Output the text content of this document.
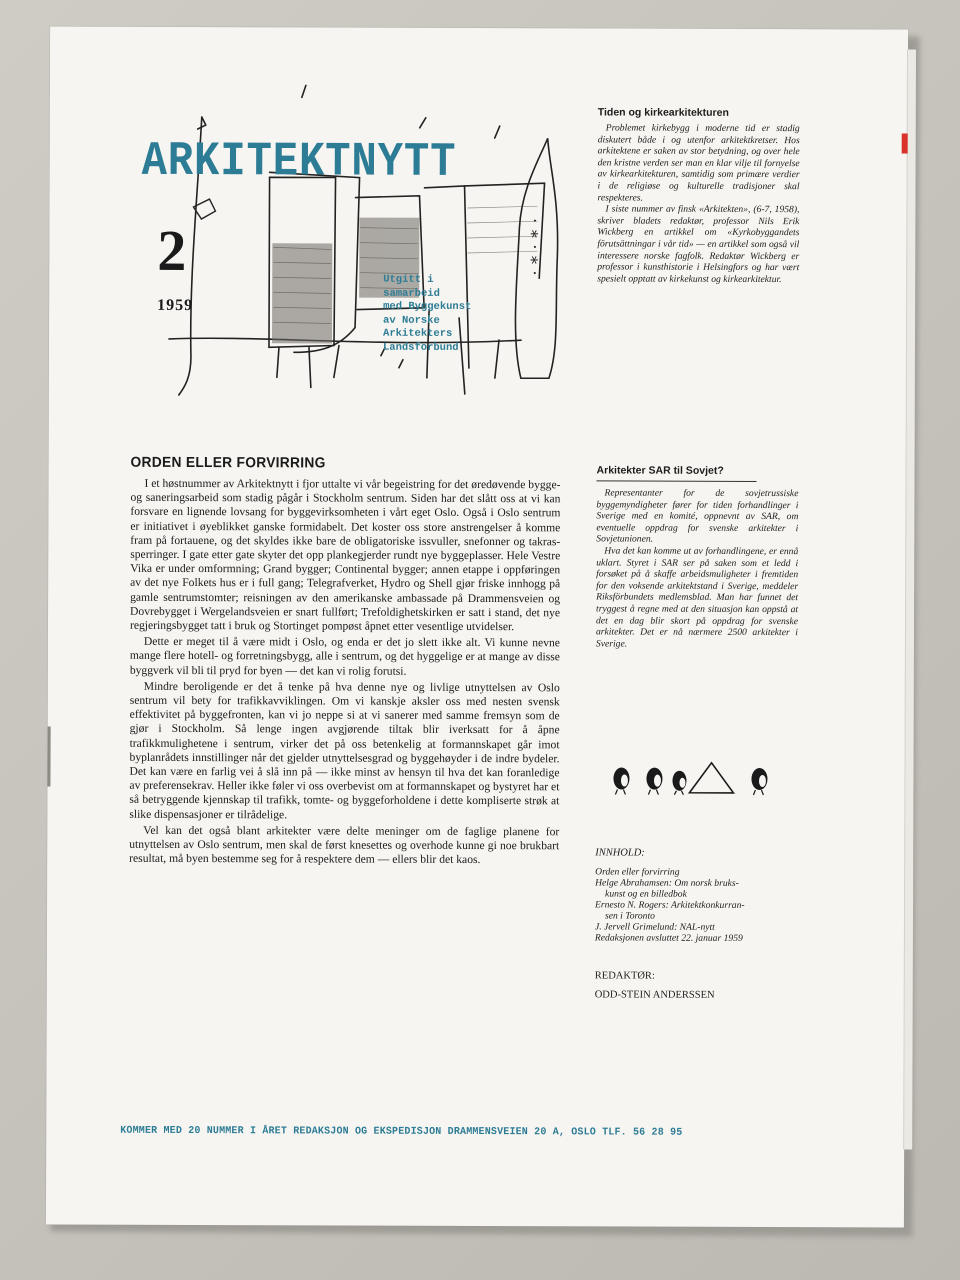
· ∗ · ∗ ·
ARKITEKTNYTT
2
1959
Utgitt i
samarbeid
med Byggekunst
av Norske
Arkitekters
Landsforbund
Tiden og kirkearkitekturen

Problemet kirkebygg i moderne tid er stadig diskutert både i og utenfor arkitektkretser. Hos arkitektene er saken av stor betydning, og over hele den kristne verden ser man en klar vilje til fornyelse av kirkearkitekturen, samtidig som primære verdier i de religiøse og kulturelle tradisjoner skal respekteres.

I siste nummer av finsk «Arkitekten», (6-7, 1958), skriver bladets redaktør, professor Nils Erik Wickberg en artikkel om «Kyrkobyggandets förutsättningar i vår tid» — en artikkel som også vil interessere norske fagfolk. Redaktør Wickberg er professor i kunsthistorie i Helsingfors og har vært spesielt opptatt av kirkekunst og kirkearkitektur.

Arkitekter SAR til Sovjet?

Representanter for de sovjetrussiske byggemyndigheter fører for tiden forhandlinger i Sverige med en komité, oppnevnt av SAR, om eventuelle oppdrag for svenske arkitekter i Sovjetunionen.

Hva det kan komme ut av forhandlingene, er ennå uklart. Styret i SAR ser på saken som et ledd i forsøket på å skaffe arbeidsmuligheter i fremtiden for den voksende arkitektstand i Sverige, meddeler Riksförbundets medlemsblad. Man har funnet det tryggest å regne med at den situasjon kan oppstå at det en dag blir skort på oppdrag for svenske arkitekter. Det er nå nærmere 2500 arkitekter i Sverige.

INNHOLD:
Orden eller forvirring
Helge Abrahamsen: Om norsk bruks-
kunst og en billedbok
Ernesto N. Rogers: Arkitektkonkurran-
sen i Toronto
J. Jervell Grimelund: NAL-nytt
Redaksjonen avsluttet 22. januar 1959
REDAKTØR:
ODD-STEIN ANDERSSEN
ORDEN ELLER FORVIRRING

I et høstnummer av Arkitektnytt i fjor uttalte vi vår begeistring for det øredøvende bygge- og saneringsarbeid som stadig pågår i Stockholm sentrum. Siden har det slått oss at vi kan forsvare en lignende lovsang for byggevirksomheten i vårt eget Oslo. Også i Oslo sentrum er initiativet i øyeblikket ganske formidabelt. Det koster oss store anstrengelser å komme fram på fortauene, og det skyldes ikke bare de obligatoriske issvuller, snefonner og takras-sperringer. I gate etter gate skyter det opp plankegjerder rundt nye byggeplasser. Hele Vestre Vika er under omformning; Grand bygger; Continental bygger; annen etappe i oppføringen av det nye Folkets hus er i full gang; Telegrafverket, Hydro og Shell gjør friske innhogg på gamle sentrumstomter; reisningen av den amerikanske ambassade på Drammensveien og Dovrebygget i Wergelandsveien er snart fullført; Trefoldighetskirken er satt i stand, det nye regjeringsbygget tatt i bruk og Stortinget pompøst åpnet etter vesentlige utvidelser.

Dette er meget til å være midt i Oslo, og enda er det jo slett ikke alt. Vi kunne nevne mange flere hotell- og forretningsbygg, alle i sentrum, og det hyggelige er at mange av disse byggverk vil bli til pryd for byen — det kan vi rolig forutsi.

Mindre beroligende er det å tenke på hva denne nye og livlige utnyttelsen av Oslo sentrum vil bety for trafikkavviklingen. Om vi kanskje aksler oss med nesten svensk effektivitet på byggefronten, kan vi jo neppe si at vi sanerer med samme fremsyn som de gjør i Stockholm. Så lenge ingen avgjørende tiltak blir iverksatt for å åpne trafikkmulighetene i sentrum, virker det på oss betenkelig at formannskapet går imot byplanrådets innstillinger når det gjelder utnyttelsesgrad og byggehøyder i de indre bydeler. Det kan være en farlig vei å slå inn på — ikke minst av hensyn til hva det kan foranledige av preferensekrav. Heller ikke føler vi oss overbevist om at formannskapet og bystyret har et så betryggende kjennskap til trafikk, tomte- og byggeforholdene i dette kompliserte strøk at slike dispensasjoner er tilrådelige.

Vel kan det også blant arkitekter være delte meninger om de faglige planene for utnyttelsen av Oslo sentrum, men skal de først knesettes og overhode kunne gi noe brukbart resultat, må byen bestemme seg for å respektere dem — ellers blir det kaos.

KOMMER MED 20 NUMMER I ÅRET REDAKSJON OG EKSPEDISJON DRAMMENSVEIEN 20 A, OSLO TLF. 56 28 95
